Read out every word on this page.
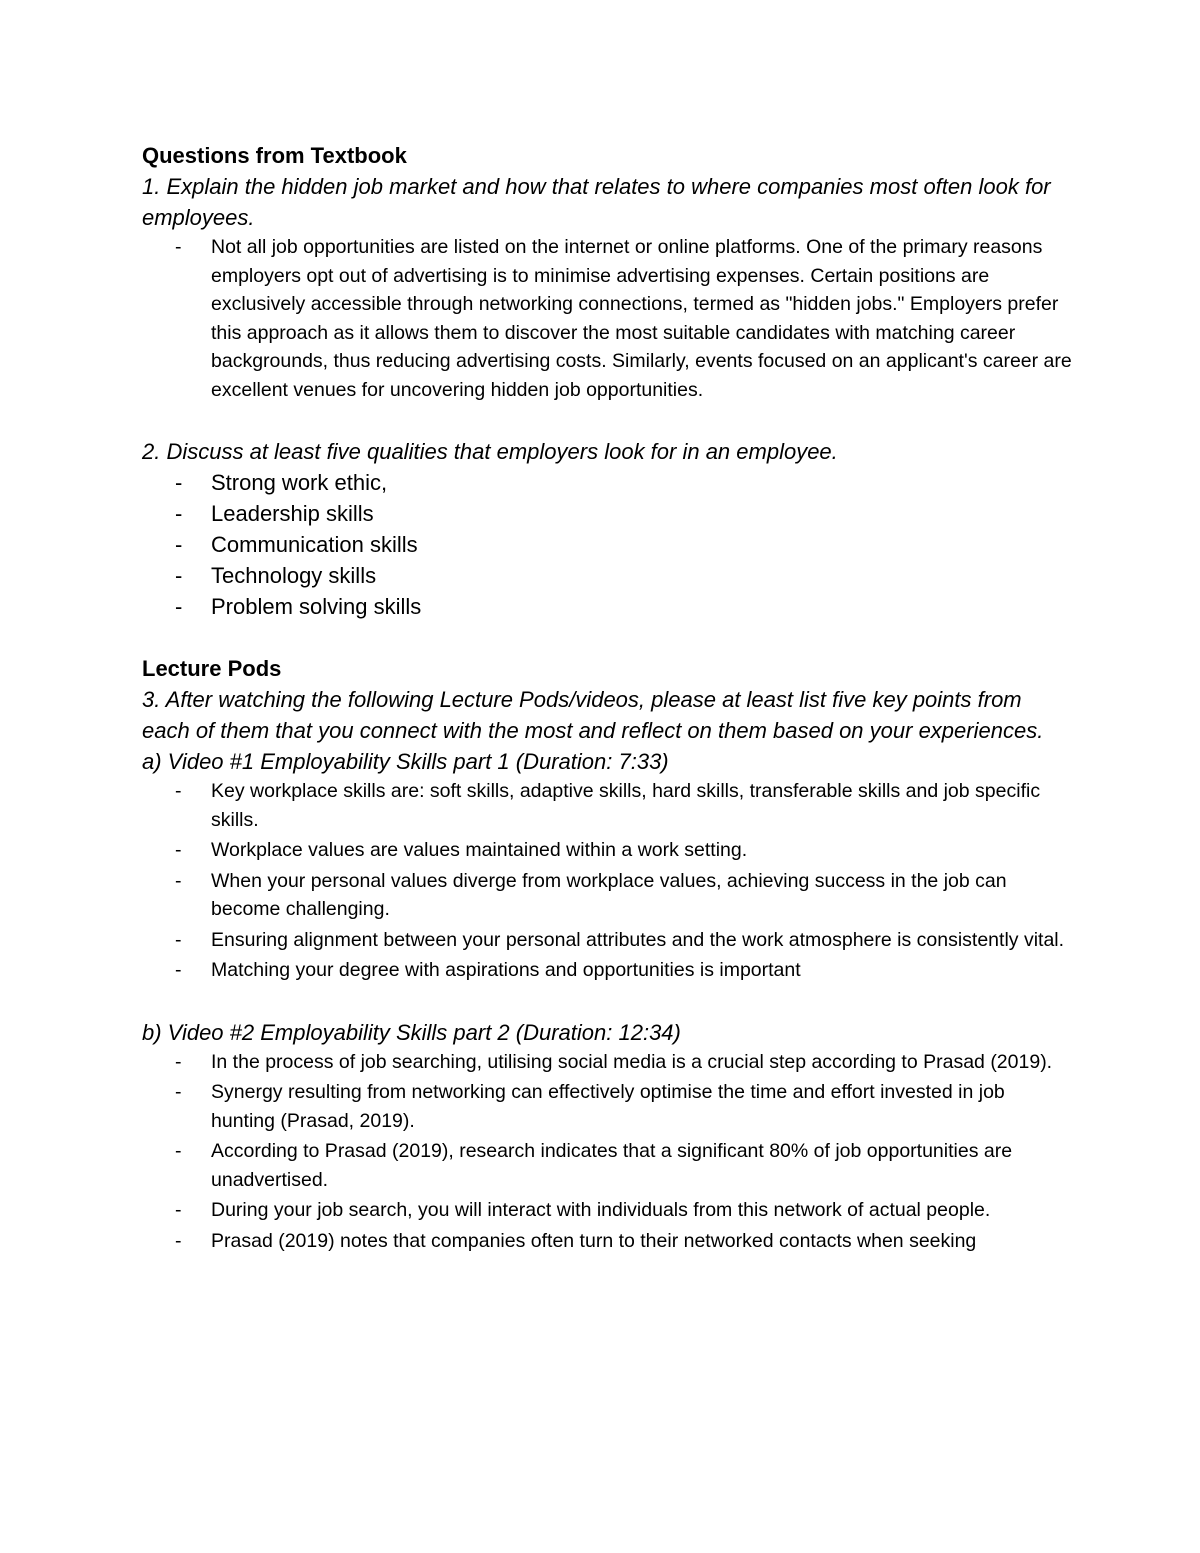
Questions from Textbook

1. Explain the hidden job market and how that relates to where companies most often look for employees.

- Not all job opportunities are listed on the internet or online platforms. One of the primary reasons employers opt out of advertising is to minimise advertising expenses. Certain positions are exclusively accessible through networking connections, termed as "hidden jobs." Employers prefer this approach as it allows them to discover the most suitable candidates with matching career backgrounds, thus reducing advertising costs. Similarly, events focused on an applicant's career are excellent venues for uncovering hidden job opportunities.

2. Discuss at least five qualities that employers look for in an employee.

- Strong work ethic,
- Leadership skills
- Communication skills
- Technology skills
- Problem solving skills

Lecture Pods

3. After watching the following Lecture Pods/videos, please at least list five key points from each of them that you connect with the most and reflect on them based on your experiences.

a) Video #1 Employability Skills part 1 (Duration: 7:33)

- Key workplace skills are: soft skills, adaptive skills, hard skills, transferable skills and job specific skills.
- Workplace values are values maintained within a work setting.
- When your personal values diverge from workplace values, achieving success in the job can become challenging.
- Ensuring alignment between your personal attributes and the work atmosphere is consistently vital.
- Matching your degree with aspirations and opportunities is important

b) Video #2 Employability Skills part 2 (Duration: 12:34)

- In the process of job searching, utilising social media is a crucial step according to Prasad (2019).
- Synergy resulting from networking can effectively optimise the time and effort invested in job hunting (Prasad, 2019).
- According to Prasad (2019), research indicates that a significant 80% of job opportunities are unadvertised.
- During your job search, you will interact with individuals from this network of actual people.
- Prasad (2019) notes that companies often turn to their networked contacts when seeking
